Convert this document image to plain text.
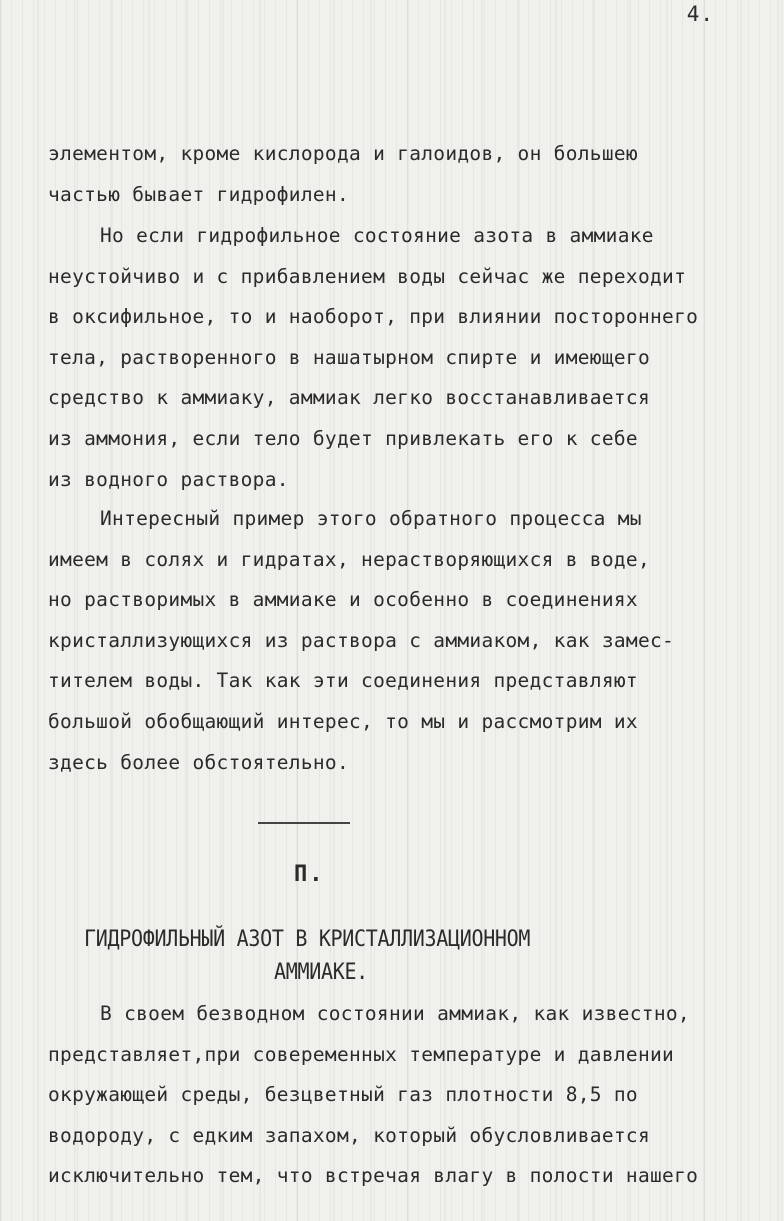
4.
элементом, кроме кислорода и галоидов, он большею
частью бывает гидрофилен.
Но если гидрофильное состояние азота в аммиаке
неустойчиво и с прибавлением воды сейчас же переходит
в оксифильное, то и наоборот, при влиянии постороннего
тела, растворенного в нашатырном спирте и имеющего
средство к аммиаку, аммиак легко восстанавливается
из аммония, если тело будет привлекать его к себе
из водного раствора.
Интересный пример этого обратного процесса мы
имеем в солях и гидратах, нерастворяющихся в воде,
но растворимых в аммиаке и особенно в соединениях
кристаллизующихся из раствора с аммиаком, как замес-
тителем воды. Так как эти соединения представляют
большой обобщающий интерес, то мы и рассмотрим их
здесь более обстоятельно.
П.
ГИДРОФИЛЬНЫЙ АЗОТ В КРИСТАЛЛИЗАЦИОННОМ
АММИАКЕ.
В своем безводном состоянии аммиак, как известно,
представляет,при совеременных температуре и давлении
окружающей среды, безцветный газ плотности 8,5 по
водороду, с едким запахом, который обусловливается
исключительно тем, что встречая влагу в полости нашего
